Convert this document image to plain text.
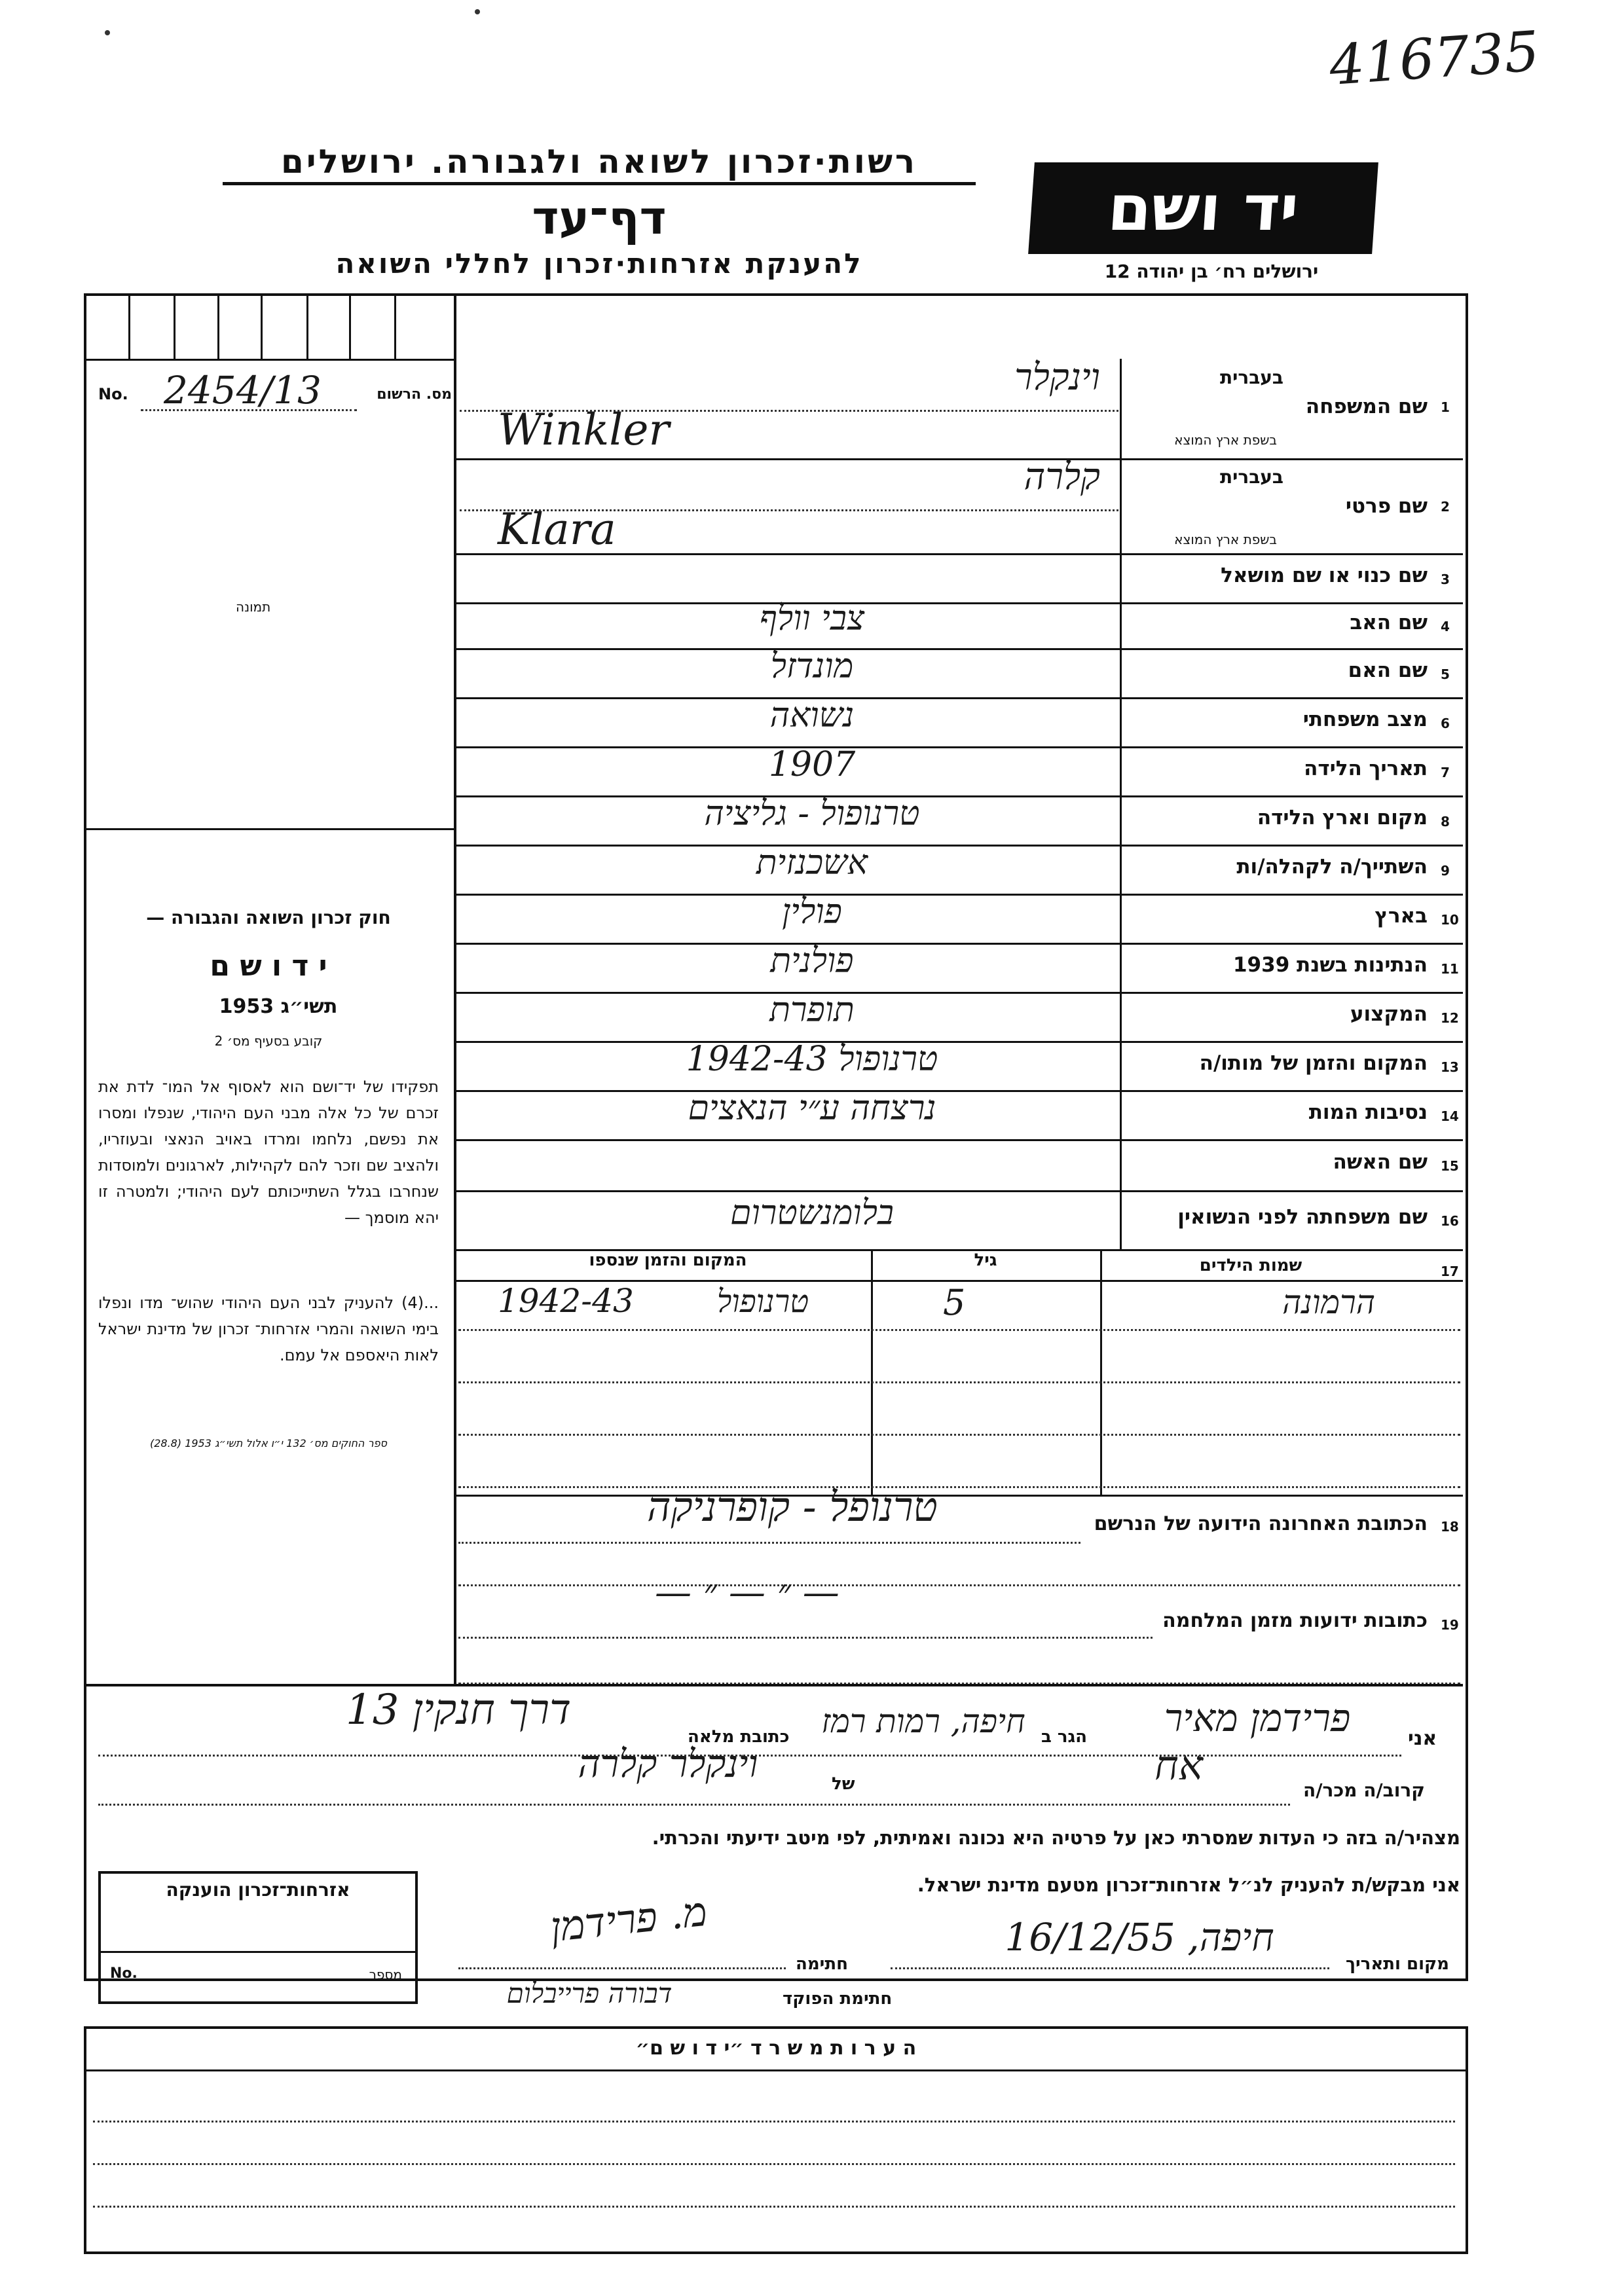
416735
רשות·זכרון לשואה ולגבורה. ירושלים
דף־עד
להענקת אזרחות·זכרון לחללי השואה
יד ושם
ירושלים רח׳ בן יהודה 12
No. 2454/13	מס. הרשום
תמונה
חוק זכרון השואה והגבורה —
י ד ו ש ם
תשי״ג 1953
קובע בסעיף מס׳ 2
תפקידו של יד־ושם הוא לאסוף אל המו־ לדת את זכרם של כל אלה מבני העם היהודי, שנפלו ומסרו את נפשם, נלחמו ומרדו באויב הנאצי ובעוזריו, ולהציב שם וזכר להם לקהילות, לארגונים ולמוסדות שנחרבו בגלל השתייכותם לעם היהודי; ולמטרה זו יהא מוסמך —
...(4) להעניק לבני העם היהודי שהוש־ מדו ונפלו בימי השואה והמרי אזרחות־ זכרון של מדינת ישראל לאות היאספם אל עמם.
ספר החוקים מס׳ 132 י״ו אלול תשי״ג 1953 (28.8)
1
שם המשפחה
בעברית
בשפת ארץ המוצא
וינקלר
Winkler
2
שם פרטי
בעברית
בשפת ארץ המוצא
קלרה
Klara
3
שם כנוי או שם מושאל
4
שם האב
צבי וולף
5
שם האם
מונדזל
6
מצב משפחתי
נשואה
7
תאריך הלידה
1907
8
מקום וארץ הלידה
טרנופול - גליציה
9
השתייך/ה לקהלה/ות
אשכנזית
10
בארץ
פולין
11
הנתינות בשנת 1939
פולנית
12
המקצוע
תופרת
13
המקום והזמן של מותו/ה
טרנופול 1942-43
14
נסיבות המות
נרצחה ע״י הנאצים
15
שם האשה
16
שם משפחתה לפני הנשואין
בלומנשטרום
17
שמות הילדים
גיל
המקום והזמן שנספו
הרמונה
5
טרנופול
1942-43
18
הכתובת האחרונה הידועה של הנרשם
טרנופל - קופרניקה
19
כתובות ידועות מזמן המלחמה
— ״ — ״ —
אני
פרידמן מאיר
הגר ב
חיפה, רמות רמז
כתובת מלאה
דרך חנקין 13
קרוב/ה מכר/ה
אח
של
וינקלר קלרה
מצהיר/ה בזה כי העדות שמסרתי כאן על פרטיה היא נכונה ואמיתית, לפי מיטב ידיעתי והכרתי.
אני מבקש/ת להעניק לנ״ל אזרחות־זכרון מטעם מדינת ישראל.
מקום ותאריך
חיפה, 16/12/55
חתימה
מ. פרידמן
חתימת הפוקד
דבורה פרייבלום
אזרחות־זכרון הוענקה
No.	מספר
ה ע ר ו ת מ ש ר ד ״י ד ו ש ם״
